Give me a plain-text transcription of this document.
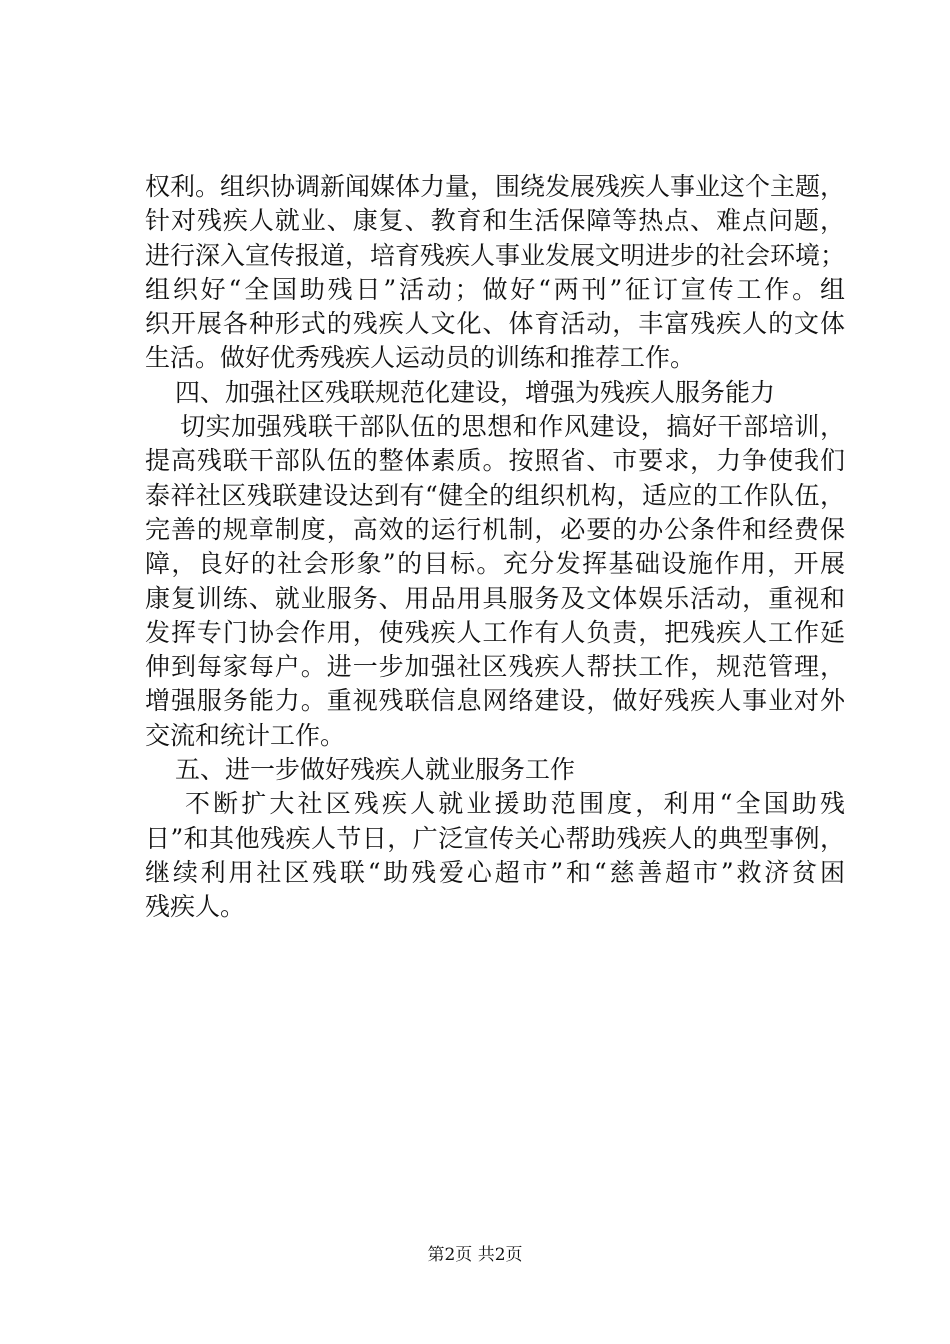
权利。组织协调新闻媒体力量，围绕发展残疾人事业这个主题，
针对残疾人就业、康复、教育和生活保障等热点、难点问题，
进行深入宣传报道，培育残疾人事业发展文明进步的社会环境；
组织好“全国助残日”活动；做好“两刊”征订宣传工作。组
织开展各种形式的残疾人文化、体育活动，丰富残疾人的文体
生活。做好优秀残疾人运动员的训练和推荐工作。
四、加强社区残联规范化建设，增强为残疾人服务能力
切实加强残联干部队伍的思想和作风建设，搞好干部培训，
提高残联干部队伍的整体素质。按照省、市要求，力争使我们
泰祥社区残联建设达到有“健全的组织机构，适应的工作队伍，
完善的规章制度，高效的运行机制，必要的办公条件和经费保
障，良好的社会形象”的目标。充分发挥基础设施作用，开展
康复训练、就业服务、用品用具服务及文体娱乐活动，重视和
发挥专门协会作用，使残疾人工作有人负责，把残疾人工作延
伸到每家每户。进一步加强社区残疾人帮扶工作，规范管理，
增强服务能力。重视残联信息网络建设，做好残疾人事业对外
交流和统计工作。
五、进一步做好残疾人就业服务工作
不断扩大社区残疾人就业援助范围度，利用“全国助残
日”和其他残疾人节日，广泛宣传关心帮助残疾人的典型事例，
继续利用社区残联“助残爱心超市”和“慈善超市”救济贫困
残疾人。
第2页 共2页
